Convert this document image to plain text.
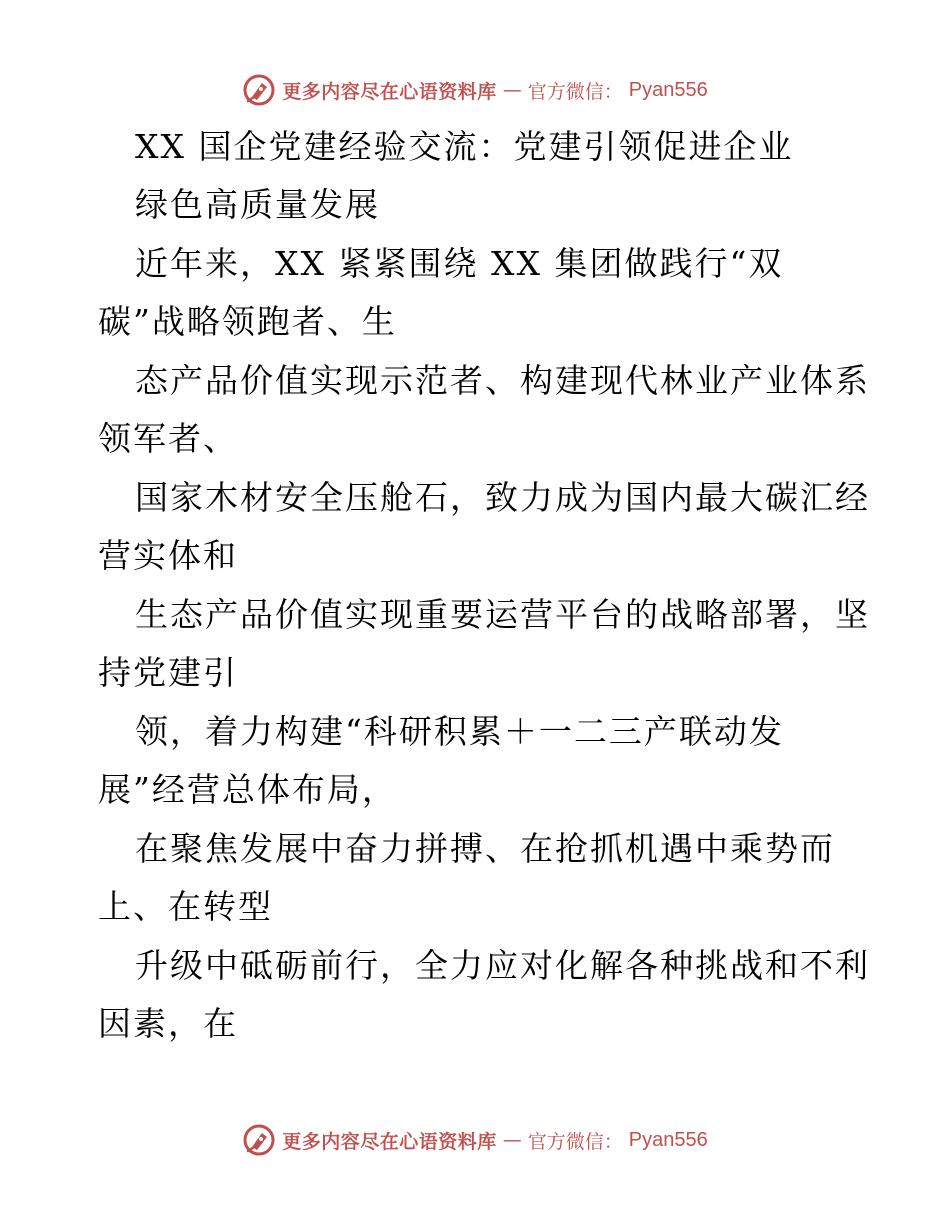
更多内容尽在心语资料库 — 官方微信： Pyan556
XX 国企党建经验交流：党建引领促进企业
绿色高质量发展
近年来，XX 紧紧围绕 XX 集团做践行“双
碳”战略领跑者、生
态产品价值实现示范者、构建现代林业产业体系
领军者、
国家木材安全压舱石，致力成为国内最大碳汇经
营实体和
生态产品价值实现重要运营平台的战略部署，坚
持党建引
领，着力构建“科研积累＋一二三产联动发
展”经营总体布局，
在聚焦发展中奋力拼搏、在抢抓机遇中乘势而
上、在转型
升级中砥砺前行，全力应对化解各种挑战和不利
因素，在
更多内容尽在心语资料库 — 官方微信： Pyan556
